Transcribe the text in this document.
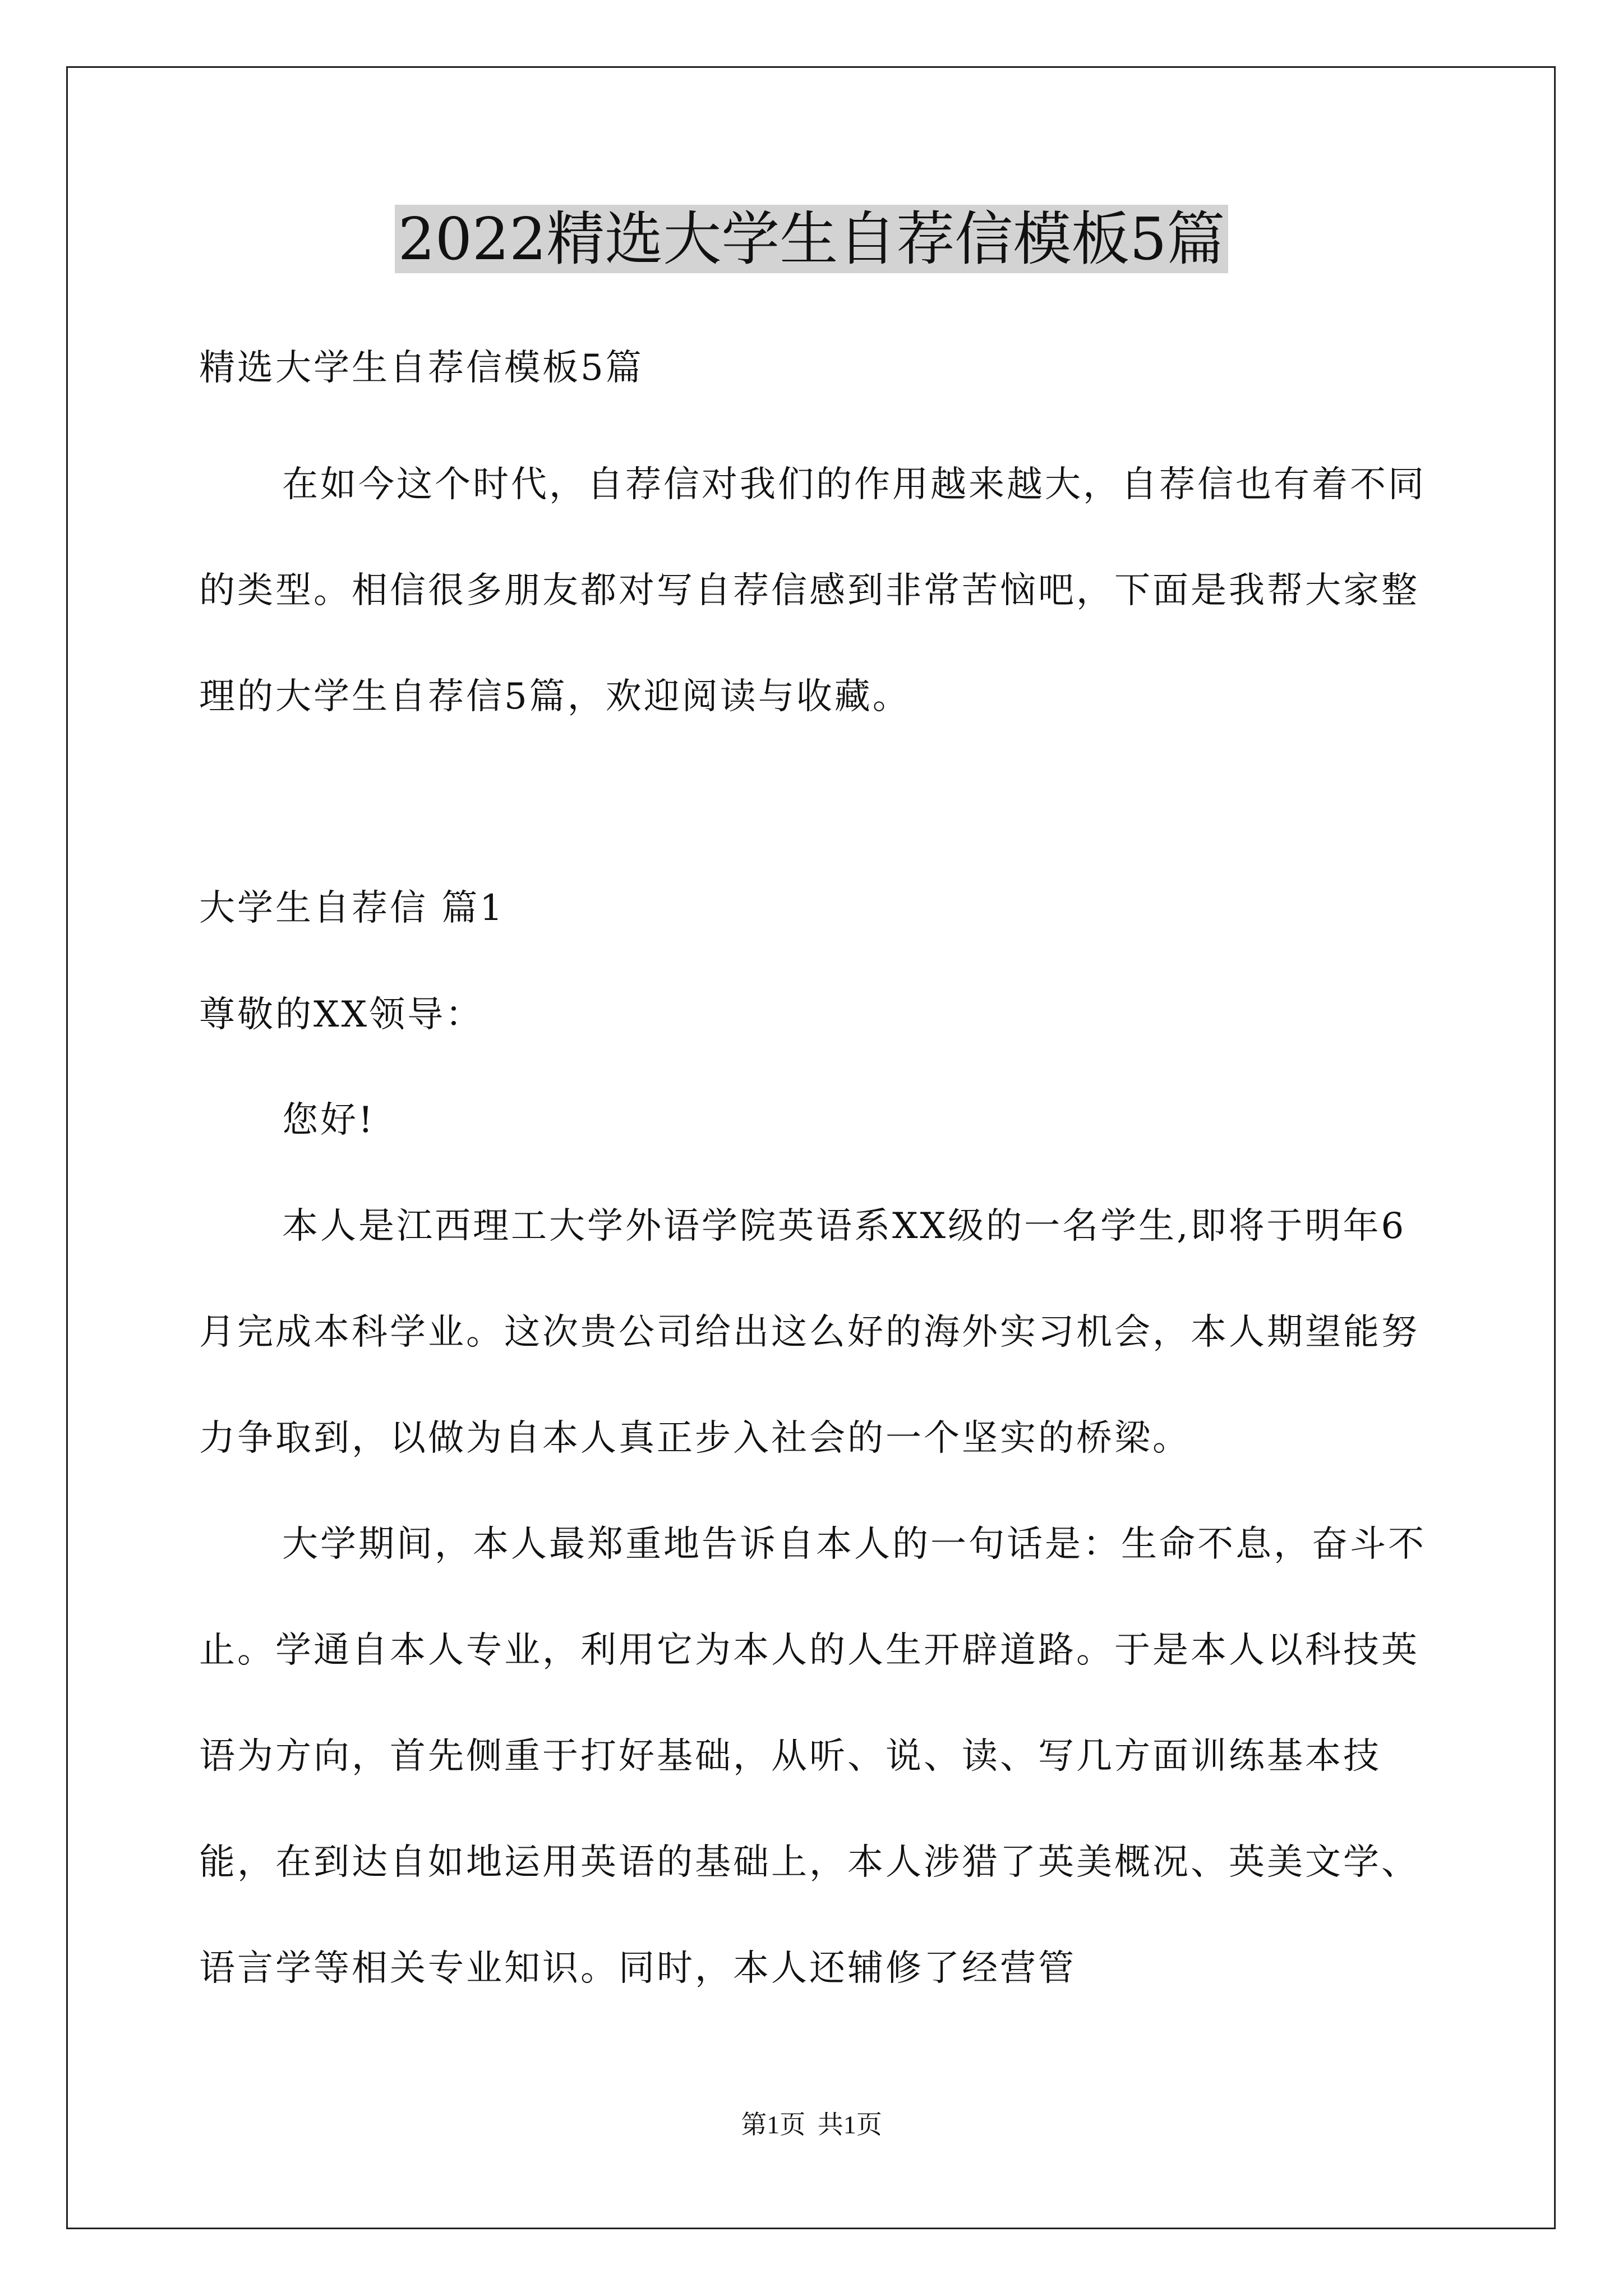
2022精选大学生自荐信模板5篇

精选大学生自荐信模板5篇

在如今这个时代，自荐信对我们的作用越来越大，自荐信也有着不同的类型。相信很多朋友都对写自荐信感到非常苦恼吧，下面是我帮大家整理的大学生自荐信5篇，欢迎阅读与收藏。

大学生自荐信 篇1

尊敬的XX领导：

您好!

本人是江西理工大学外语学院英语系XX级的一名学生,即将于明年6月完成本科学业。这次贵公司给出这么好的海外实习机会，本人期望能努力争取到，以做为自本人真正步入社会的一个坚实的桥梁。

大学期间，本人最郑重地告诉自本人的一句话是：生命不息，奋斗不止。学通自本人专业，利用它为本人的人生开辟道路。于是本人以科技英语为方向，首先侧重于打好基础，从听、说、读、写几方面训练基本技能，在到达自如地运用英语的基础上，本人涉猎了英美概况、英美文学、语言学等相关专业知识。同时，本人还辅修了经营管

第1页 共1页
